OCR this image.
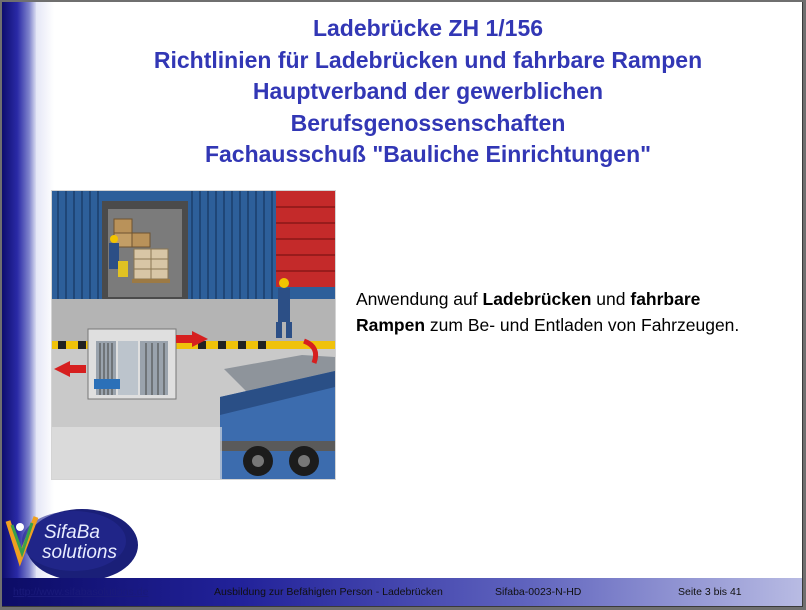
Ladebrücke ZH 1/156
Richtlinien für Ladebrücken und fahrbare Rampen
Hauptverband der gewerblichen
Berufsgenossenschaften
Fachausschuß "Bauliche Einrichtungen"
Anwendung auf Ladebrücken und fahrbare Rampen zum Be- und Entladen von Fahrzeugen.
SifaBa
solutions
http://www.sifabasolutions.de	Ausbildung zur Befähigten Person - Ladebrücken	Sifaba-0023-N-HD	Seite 3 bis 41
